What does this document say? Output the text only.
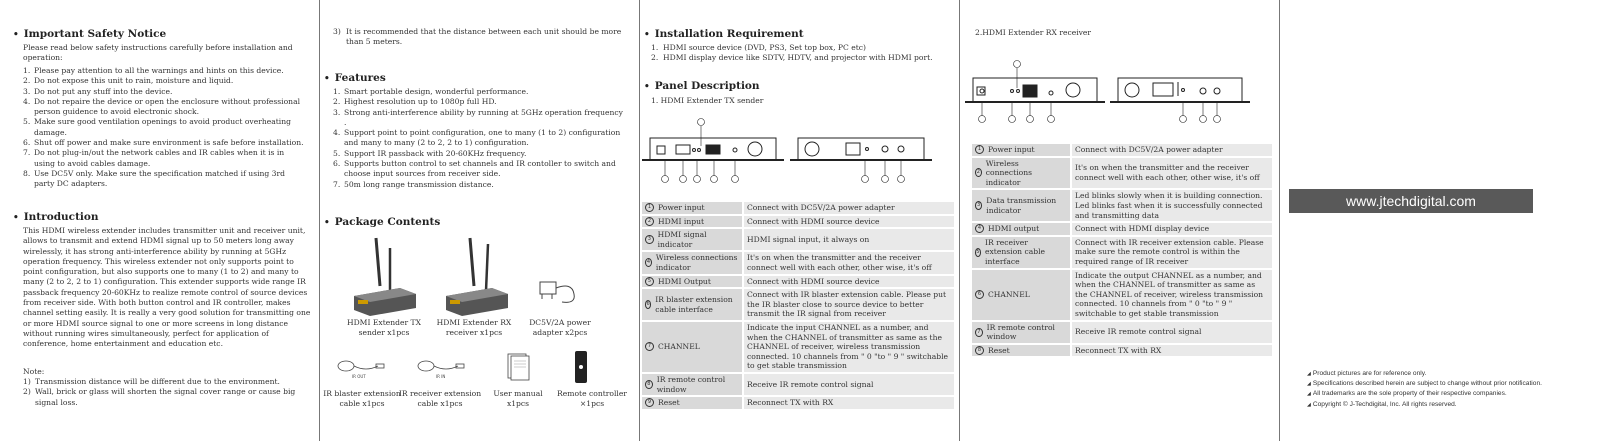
• Important Safety Notice
Please read below safety instructions carefully before installation and operation:
1. Please pay attention to all the warnings and hints on this device.
2. Do not expose this unit to rain, moisture and liquid.
3. Do not put any stuff into the device.
4. Do not repaire the device or open the enclosure without professional person guidence to avoid electronic shock.
5. Make sure good ventilation openings to avoid product overheating damage.
6. Shut off power and make sure environment is safe before installation.
7. Do not plug-in/out the network cables and IR cables when it is in using to avoid cables damage.
8. Use DC5V only. Make sure the specification matched if using 3rd party DC adapters.
• Introduction
This HDMI wireless extender includes transmitter unit and receiver unit, allows to transmit and extend HDMI signal up to 50 meters long away wirelessly, it has strong anti-interference ability by running at 5GHz operation frequency. This wireless extender not only supports point to point configuration, but also supports one to many (1 to 2) and many to many (2 to 2, 2 to 1) configuration. This extender supports wide range IR passback frequency 20-60KHz to realize remote control of source devices from receiver side. With both button control and IR controller, makes channel setting easily. It is really a very good solution for transmitting one or more HDMI source signal to one or more screens in long distance without running wires simultaneously, perfect for application of conference, home entertainment and education etc.
Note:
1) Transmission distance will be different due to the environment.
2) Wall, brick or glass will shorten the signal cover range or cause big signal loss.
3) It is recommended that the distance between each unit should be more than 5 meters.
• Features
1. Smart portable design, wonderful performance.
2. Highest resolution up to 1080p full HD.
3. Strong anti-interference ability by running at 5GHz operation frequency .
4. Support point to point configuration, one to many (1 to 2) configuration and many to many (2 to 2, 2 to 1) configuration.
5. Support IR passback with 20-60KHz frequency.
6. Supports button control to set channels and IR contoller to switch and choose input sources from receiver side.
7. 50m long range transmission distance.
• Package Contents
IR OUT	IR IN
HDMI Extender TX
sender x1pcs
HDMI Extender RX
receiver x1pcs
DC5V/2A power
adapter x2pcs
IR blaster extension
cable x1pcs
IR receiver extension
cable x1pcs
User manual
x1pcs
Remote controller
×1pcs
• Installation Requirement
1. HDMI source device (DVD, PS3, Set top box, PC etc)
2. HDMI display device like SDTV, HDTV, and projector with HDMI port.
• Panel Description
1. HDMI Extender TX sender
1 Power input	Connect with DC5V/2A power adapter

2 HDMI input	Connect with HDMI source device

3
HDMI signal indicator	HDMI signal input, it always on

4
Wireless connections indicator	It's on when the transmitter and the receiver connect well with each other, other wise, it's off

5 HDMI Output	Connect with HDMI source device

6
IR blaster extension cable interface	Connect with IR blaster extension cable. Please put the IR blaster close to source device to better transmit the IR signal from receiver

7 CHANNEL	Indicate the input CHANNEL as a number, and when the CHANNEL of transmitter as same as the CHANNEL of receiver, wireless transmission connected. 10 channels from " 0 "to " 9 " switchable to get stable transmission

8
IR remote control window	Receive IR remote control signal

9 Reset	Reconnect TX with RX
2.HDMI Extender RX receiver
1 Power input	Connect with DC5V/2A power adapter

2
Wireless connections indicator	It's on when the transmitter and the receiver connect well with each other, other wise, it's off

3
Data transmission indicator	Led blinks slowly when it is building connection. Led blinks fast when it is successfully connected and transmitting data

4 HDMI output	Connect with HDMI display device

5
IR receiver extension cable interface	Connect with IR receiver extension cable. Please make sure the remote control is within the required range of IR receiver

6 CHANNEL	Indicate the output CHANNEL as a number, and when the CHANNEL of transmitter as same as the CHANNEL of receiver, wireless transmission connected. 10 channels from " 0 "to " 9 " switchable to get stable transmission

7
IR remote control window	Receive IR remote control signal

8 Reset	Reconnect TX with RX
www.jtechdigital.com
◢ Product pictures are for reference only.
◢ Specifications described herein are subject to change without prior notification.
◢ All trademarks are the sole property of their respective companies.
◢ Copyright © J-Techdigital, Inc. All rights reserved.
